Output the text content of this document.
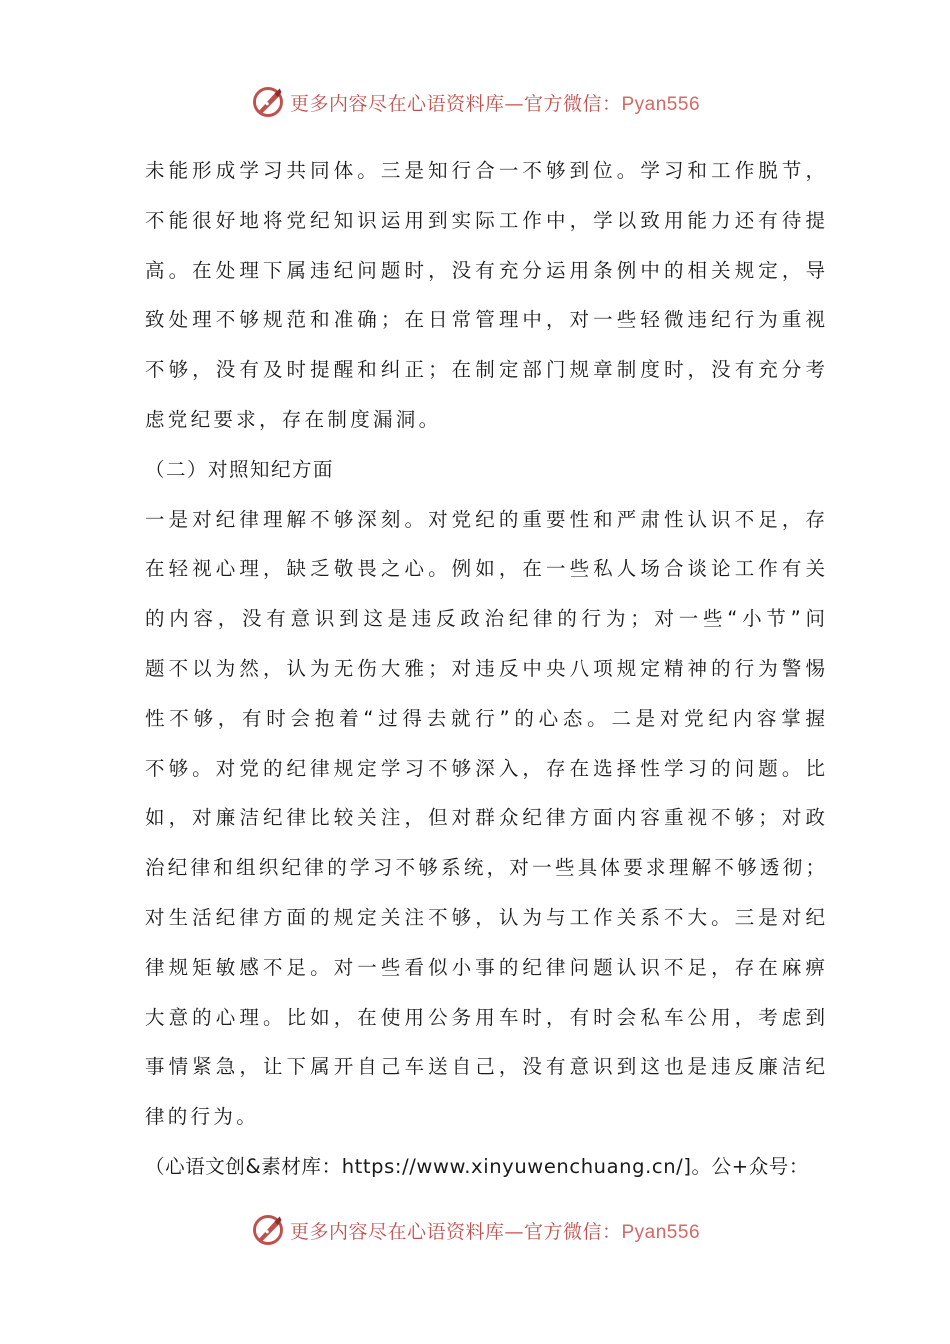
更多内容尽在心语资料库—官方微信：Pyan556
未能形成学习共同体。三是知行合一不够到位。学习和工作脱节，
不能很好地将党纪知识运用到实际工作中，学以致用能力还有待提
高。在处理下属违纪问题时，没有充分运用条例中的相关规定，导
致处理不够规范和准确；在日常管理中，对一些轻微违纪行为重视
不够，没有及时提醒和纠正；在制定部门规章制度时，没有充分考
虑党纪要求，存在制度漏洞。
（二）对照知纪方面
一是对纪律理解不够深刻。对党纪的重要性和严肃性认识不足，存
在轻视心理，缺乏敬畏之心。例如，在一些私人场合谈论工作有关
的内容，没有意识到这是违反政治纪律的行为；对一些“小节”问
题不以为然，认为无伤大雅；对违反中央八项规定精神的行为警惕
性不够，有时会抱着“过得去就行”的心态。二是对党纪内容掌握
不够。对党的纪律规定学习不够深入，存在选择性学习的问题。比
如，对廉洁纪律比较关注，但对群众纪律方面内容重视不够；对政
治纪律和组织纪律的学习不够系统，对一些具体要求理解不够透彻；
对生活纪律方面的规定关注不够，认为与工作关系不大。三是对纪
律规矩敏感不足。对一些看似小事的纪律问题认识不足，存在麻痹
大意的心理。比如，在使用公务用车时，有时会私车公用，考虑到
事情紧急，让下属开自己车送自己，没有意识到这也是违反廉洁纪
律的行为。
（心语文创&素材库：https://www.xinyuwenchuang.cn/]。公+众号：
更多内容尽在心语资料库—官方微信：Pyan556
